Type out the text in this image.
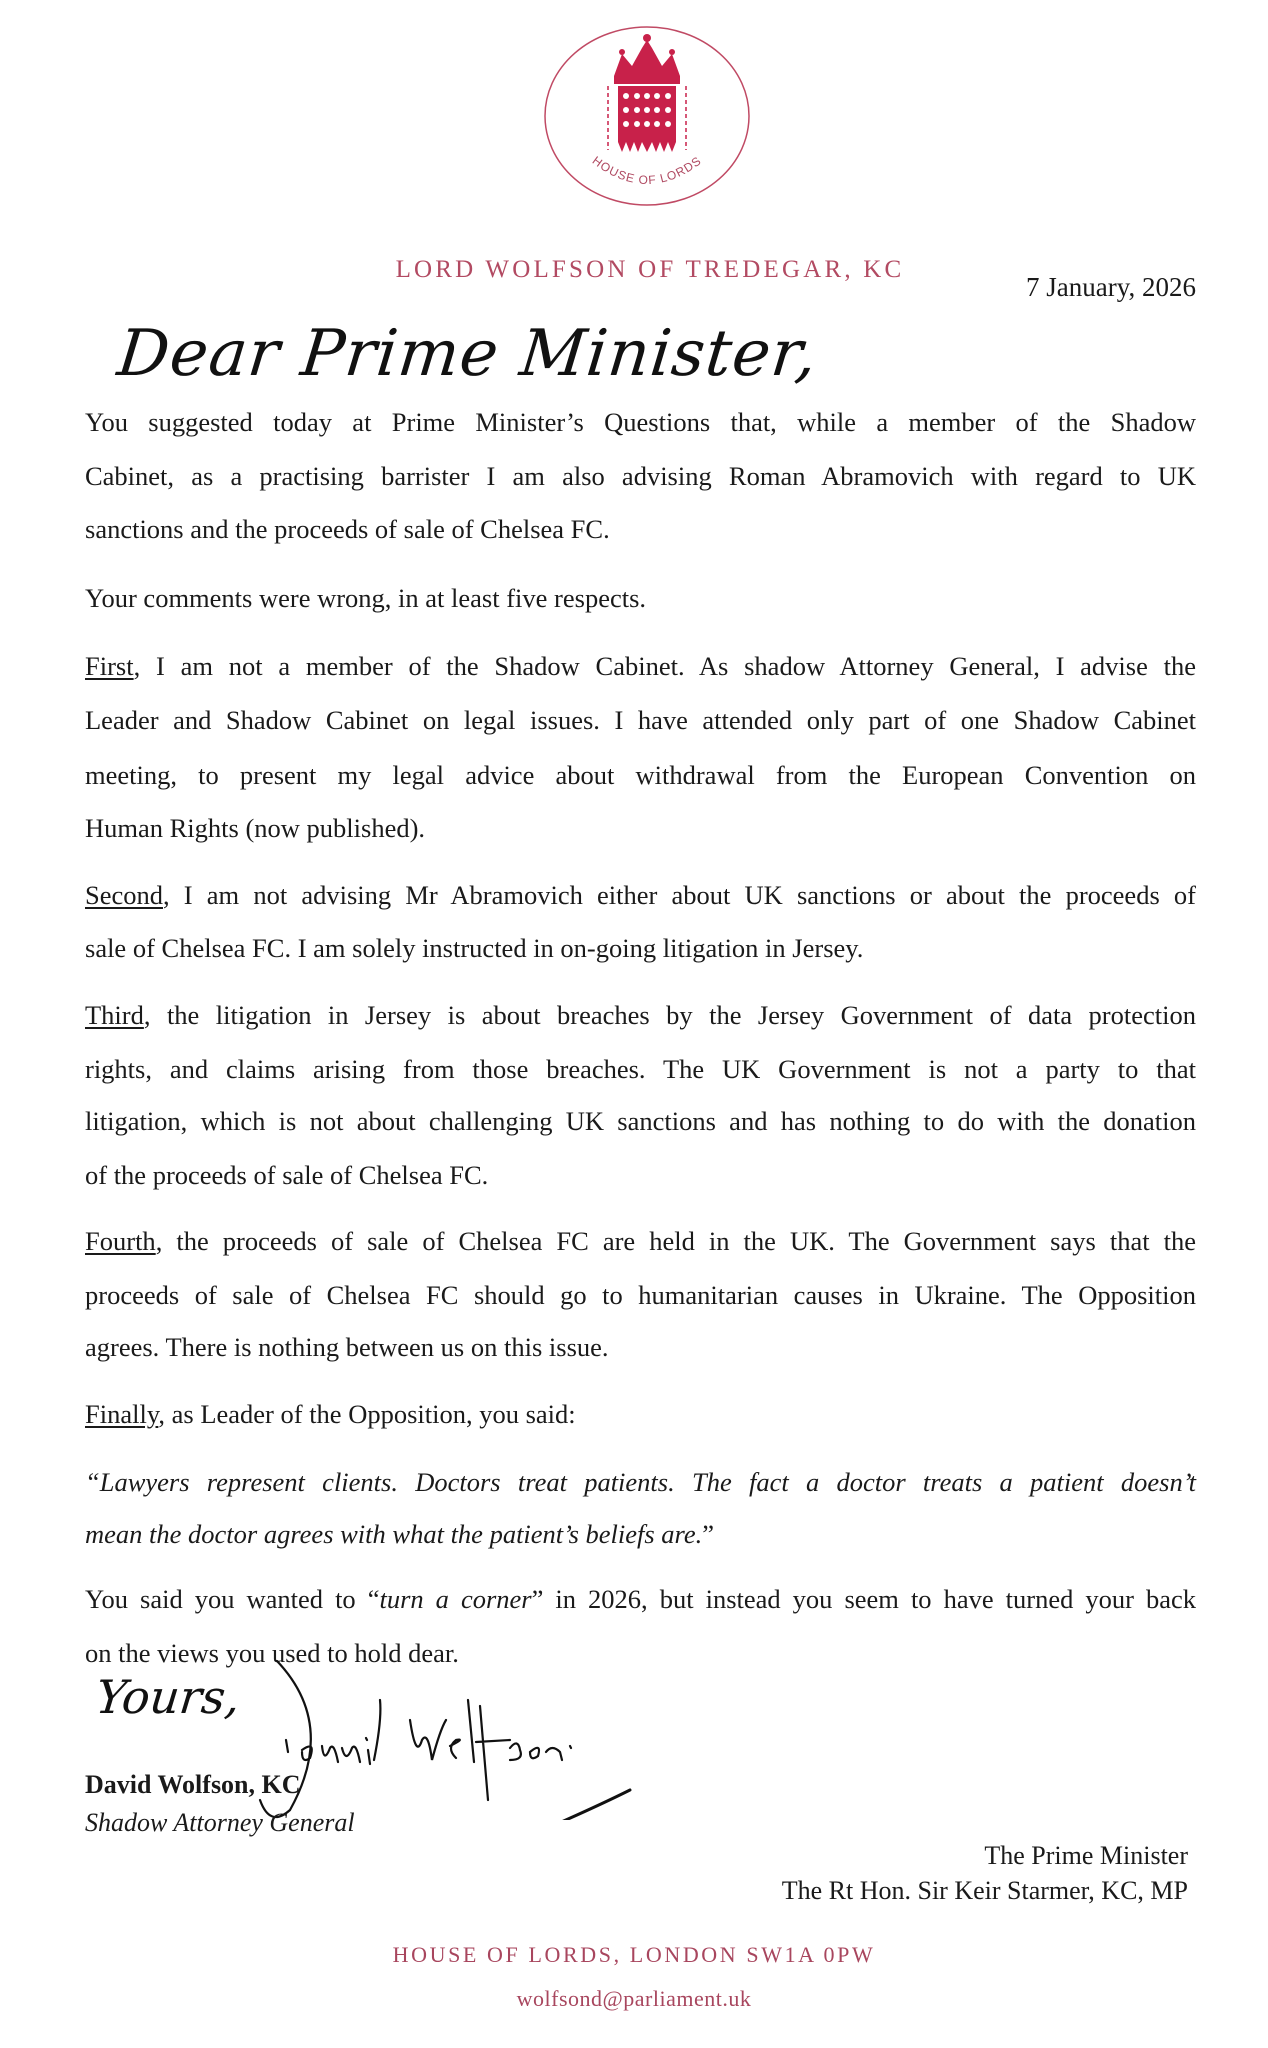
HOUSE OF LORDS
LORD WOLFSON OF TREDEGAR, KC
7 January, 2026
Dear Prime Minister,
You suggested today at Prime Minister’s Questions that, while a member of the Shadow
Cabinet, as a practising barrister I am also advising Roman Abramovich with regard to UK
sanctions and the proceeds of sale of Chelsea FC.
Your comments were wrong, in at least five respects.
First, I am not a member of the Shadow Cabinet. As shadow Attorney General, I advise the
Leader and Shadow Cabinet on legal issues. I have attended only part of one Shadow Cabinet
meeting, to present my legal advice about withdrawal from the European Convention on
Human Rights (now published).
Second, I am not advising Mr Abramovich either about UK sanctions or about the proceeds of
sale of Chelsea FC. I am solely instructed in on-going litigation in Jersey.
Third, the litigation in Jersey is about breaches by the Jersey Government of data protection
rights, and claims arising from those breaches. The UK Government is not a party to that
litigation, which is not about challenging UK sanctions and has nothing to do with the donation
of the proceeds of sale of Chelsea FC.
Fourth, the proceeds of sale of Chelsea FC are held in the UK. The Government says that the
proceeds of sale of Chelsea FC should go to humanitarian causes in Ukraine. The Opposition
agrees. There is nothing between us on this issue.
Finally, as Leader of the Opposition, you said:
“Lawyers represent clients. Doctors treat patients. The fact a doctor treats a patient doesn’t
mean the doctor agrees with what the patient’s beliefs are.”
You said you wanted to “turn a corner” in 2026, but instead you seem to have turned your back
on the views you used to hold dear.
Yours,
David Wolfson, KC
Shadow Attorney General
The Prime Minister
The Rt Hon. Sir Keir Starmer, KC, MP
HOUSE OF LORDS, LONDON SW1A 0PW
wolfsond@parliament.uk
